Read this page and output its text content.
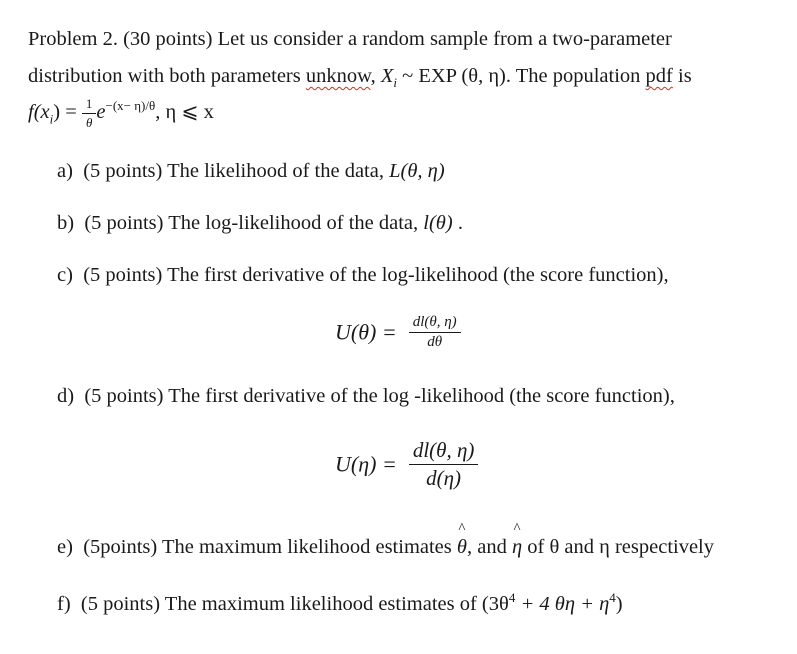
Problem 2. (30 points) Let us consider a random sample from a two-parameter
distribution with both parameters unknow, $X_i$ ~ EXP (θ, η). The population pdf is
$f(x_i) = \frac{1}{\theta} e^{-(x- \eta)/\theta}$, η ⩽ x
a) (5 points) The likelihood of the data, L(θ, η)
b) (5 points) The log-likelihood of the data, l(θ) .
c) (5 points) The first derivative of the log-likelihood (the score function),
$U(\theta) = \frac{dl(\theta, \eta)}{d\theta}$
d) (5 points) The first derivative of the log -likelihood (the score function),
$U(\eta) = \frac{dl(\theta, \eta)}{d(\eta)}$
e) (5points) The maximum likelihood estimates
^
θ, and
^
η of θ and η respectively
f) (5 points) The maximum likelihood estimates of ($3\theta^4 + 4$ $\theta\eta + \eta^4$)
